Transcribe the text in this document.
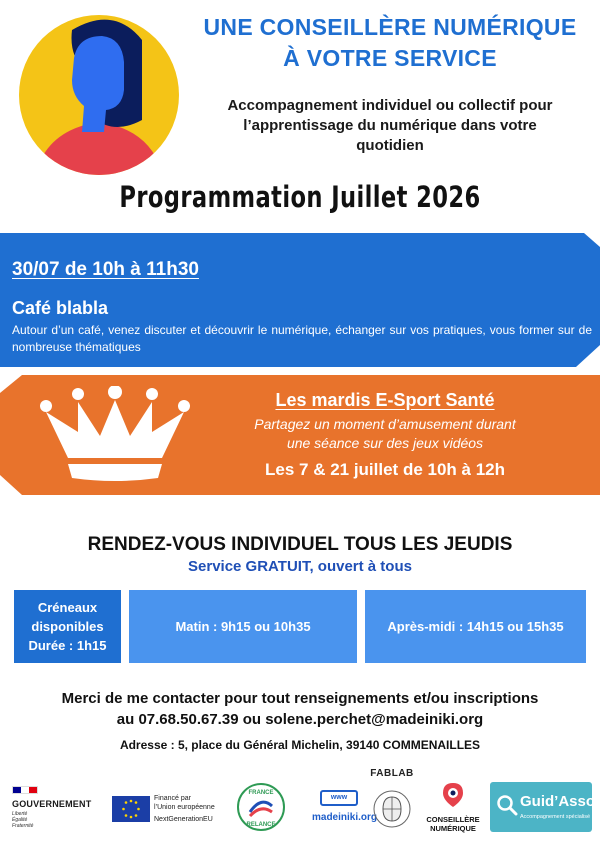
UNE CONSEILLÈRE NUMÉRIQUE
À VOTRE SERVICE
Accompagnement individuel ou collectif pour
l’apprentissage du numérique dans votre
quotidien
Programmation Juillet 2026
30/07 de 10h à 11h30
Café blabla
Autour d’un café, venez discuter et découvrir le numérique, échanger sur vos pratiques, vous former sur de nombreuse thématiques
Les mardis E-Sport Santé
Partagez un moment d’amusement durant
une séance sur des jeux vidéos
Les 7 & 21 juillet de 10h à 12h
RENDEZ-VOUS INDIVIDUEL TOUS LES JEUDIS
Service GRATUIT, ouvert à tous
Créneaux
disponibles
Durée : 1h15
Matin : 9h15 ou 10h35	Après-midi : 14h15 ou 15h35
Merci de me contacter pour tout renseignements et/ou inscriptions
au 07.68.50.67.39 ou solene.perchet@madeiniki.org
Adresse : 5, place du Général Michelin, 39140 COMMENAILLES
GOUVERNEMENT
Liberté
Égalité
Fraternité
Financé par
l’Union européenne
NextGenerationEU
FRANCE
RELANCE
www
madeiniki.org
FABLAB
CONSEILLÈRE
NUMÉRIQUE
Guid’Asso
Accompagnement spécialisé
